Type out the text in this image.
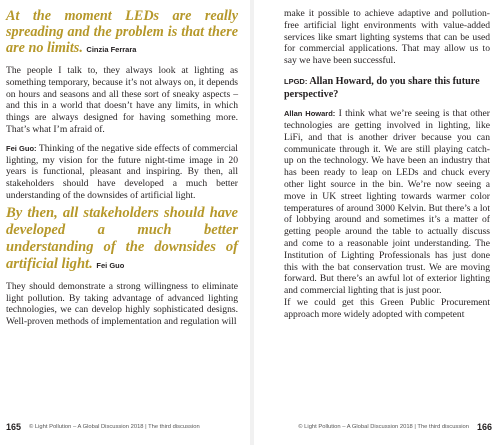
At the moment LEDs are really spreading and the problem is that there are no limits. Cinzia Ferrara

The people I talk to, they always look at lighting as something temporary, because it’s not always on, it depends on hours and seasons and all these sort of sneaky aspects – and this in a world that doesn’t have any limits, in which things are always designed for having something more. That’s what I’m afraid of.

Fei Guo: Thinking of the negative side effects of commercial lighting, my vision for the future night-time image in 20 years is functional, pleasant and inspiring. By then, all stakeholders should have developed a much better understanding of the downsides of artificial light.

By then, all stakeholders should have developed a much better understanding of the downsides of artificial light. Fei Guo

They should demonstrate a strong willingness to eliminate light pollution. By taking advantage of advanced lighting technologies, we can develop highly sophisticated designs. Well-proven methods of implementation and regulation will

make it possible to achieve adaptive and pollution-free artificial light environments with value-added services like smart lighting systems that can be used for commercial applications. That may allow us to say we have been successful.

LPGD: Allan Howard, do you share this future perspective?

Allan Howard: I think what we’re seeing is that other technologies are getting involved in lighting, like LiFi, and that is another driver because you can communicate through it. We are still playing catch-up on the technology. We have been an industry that has been ready to leap on LEDs and chuck every other light source in the bin. We’re now seeing a move in UK street lighting towards warmer color temperatures of around 3000 Kelvin. But there’s a lot of lobbying around and sometimes it’s a matter of getting people around the table to actually discuss and come to a reasonable joint understanding. The Institution of Lighting Professionals has just done this with the bat conservation trust. We are moving forward. But there’s an awful lot of exterior lighting and commercial lighting that is just poor.

If we could get this Green Public Procurement approach more widely adopted with competent

165 © Light Pollution – A Global Discussion 2018 | The third discussion	© Light Pollution – A Global Discussion 2018 | The third discussion 166
